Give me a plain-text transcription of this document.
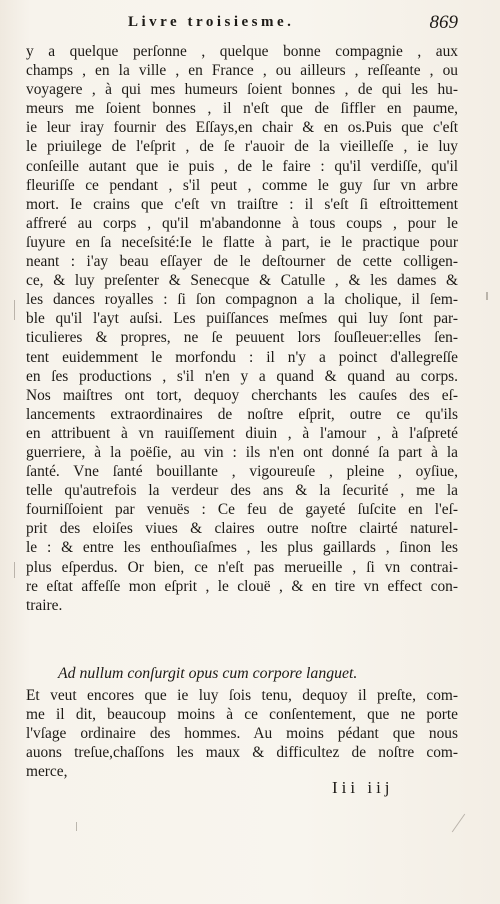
Livre troisiesme.	869
y a quelque perſonne , quelque bonne compagnie , aux
champs , en la ville , en France , ou ailleurs , reſſeante , ou
voyagere , à qui mes humeurs ſoient bonnes , de qui les hu-
meurs me ſoient bonnes , il n'eſt que de ſiffler en paume,
ie leur iray fournir des Eſſays,en chair & en os.Puis que c'eſt
le priuilege de l'eſprit , de ſe r'auoir de la vieilleſſe , ie luy
conſeille autant que ie puis , de le faire : qu'il verdiſſe, qu'il
fleuriſſe ce pendant , s'il peut , comme le guy ſur vn arbre
mort. Ie crains que c'eſt vn traiſtre : il s'eſt ſi eſtroittement
affreré au corps , qu'il m'abandonne à tous coups , pour le
ſuyure en ſa neceſsité:Ie le flatte à part, ie le practique pour
neant : i'ay beau eſſayer de le deſtourner de cette colligen-
ce, & luy preſenter & Senecque & Catulle , & les dames &
les dances royalles : ſi ſon compagnon a la cholique, il ſem-
ble qu'il l'ayt auſsi. Les puiſſances meſmes qui luy ſont par-
ticulieres & propres, ne ſe peuuent lors ſouſleuer:elles ſen-
tent euidemment le morfondu : il n'y a poinct d'allegreſſe
en ſes productions , s'il n'en y a quand & quand au corps.
Nos maiſtres ont tort, dequoy cherchants les cauſes des eſ-
lancements extraordinaires de noſtre eſprit, outre ce qu'ils
en attribuent à vn rauiſſement diuin , à l'amour , à l'aſpreté
guerriere, à la poëſie, au vin : ils n'en ont donné ſa part à la
ſanté. Vne ſanté bouillante , vigoureuſe , pleine , oyſiue,
telle qu'autrefois la verdeur des ans & la ſecurité , me la
fourniſſoient par venuës : Ce feu de gayeté ſuſcite en l'eſ-
prit des eloiſes viues & claires outre noſtre clairté naturel-
le : & entre les enthouſiaſmes , les plus gaillards , ſinon les
plus eſperdus. Or bien, ce n'eſt pas merueille , ſi vn contrai-
re eſtat affeſſe mon eſprit , le clouë , & en tire vn effect con-
traire.
Ad nullum conſurgit opus cum corpore languet.
Et veut encores que ie luy ſois tenu, dequoy il preſte, com-
me il dit, beaucoup moins à ce conſentement, que ne porte
l'vſage ordinaire des hommes. Au moins pédant que nous
auons treſue,chaſſons les maux & difficultez de noſtre com-
merce,
Iii iij
